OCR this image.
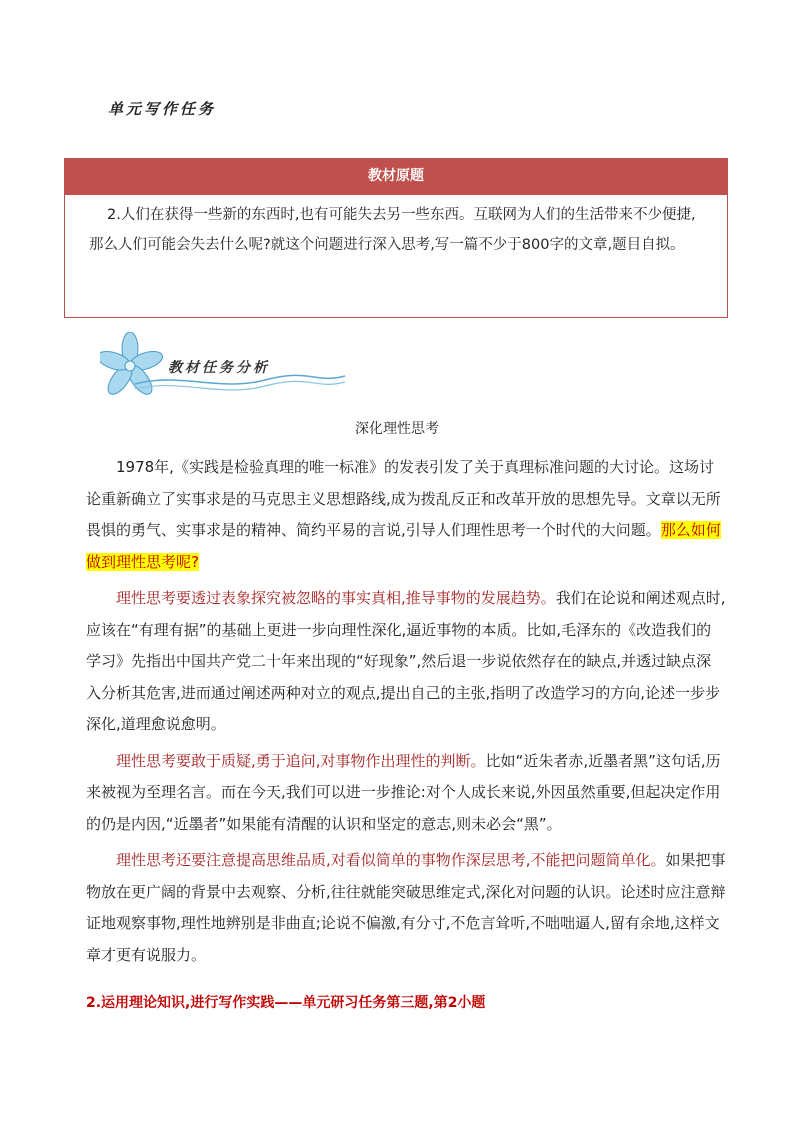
单元写作任务
教材原题
2.人们在获得一些新的东西时,也有可能失去另一些东西。互联网为人们的生活带来不少便捷,那么人们可能会失去什么呢?就这个问题进行深入思考,写一篇不少于800字的文章,题目自拟。
教材任务分析
深化理性思考

1978年,《实践是检验真理的唯一标准》的发表引发了关于真理标准问题的大讨论。这场讨论重新确立了实事求是的马克思主义思想路线,成为拨乱反正和改革开放的思想先导。文章以无所畏惧的勇气、实事求是的精神、简约平易的言说,引导人们理性思考一个时代的大问题。那么如何做到理性思考呢?

理性思考要透过表象探究被忽略的事实真相,推导事物的发展趋势。我们在论说和阐述观点时,应该在“有理有据”的基础上更进一步向理性深化,逼近事物的本质。比如,毛泽东的《改造我们的学习》先指出中国共产党二十年来出现的“好现象”,然后退一步说依然存在的缺点,并透过缺点深入分析其危害,进而通过阐述两种对立的观点,提出自己的主张,指明了改造学习的方向,论述一步步深化,道理愈说愈明。

理性思考要敢于质疑,勇于追问,对事物作出理性的判断。比如“近朱者赤,近墨者黑”这句话,历来被视为至理名言。而在今天,我们可以进一步推论:对个人成长来说,外因虽然重要,但起决定作用的仍是内因,“近墨者”如果能有清醒的认识和坚定的意志,则未必会“黑”。

理性思考还要注意提高思维品质,对看似简单的事物作深层思考,不能把问题简单化。如果把事物放在更广阔的背景中去观察、分析,往往就能突破思维定式,深化对问题的认识。论述时应注意辩证地观察事物,理性地辨别是非曲直;论说不偏激,有分寸,不危言耸听,不咄咄逼人,留有余地,这样文章才更有说服力。

2.运用理论知识,进行写作实践——单元研习任务第三题,第2小题
